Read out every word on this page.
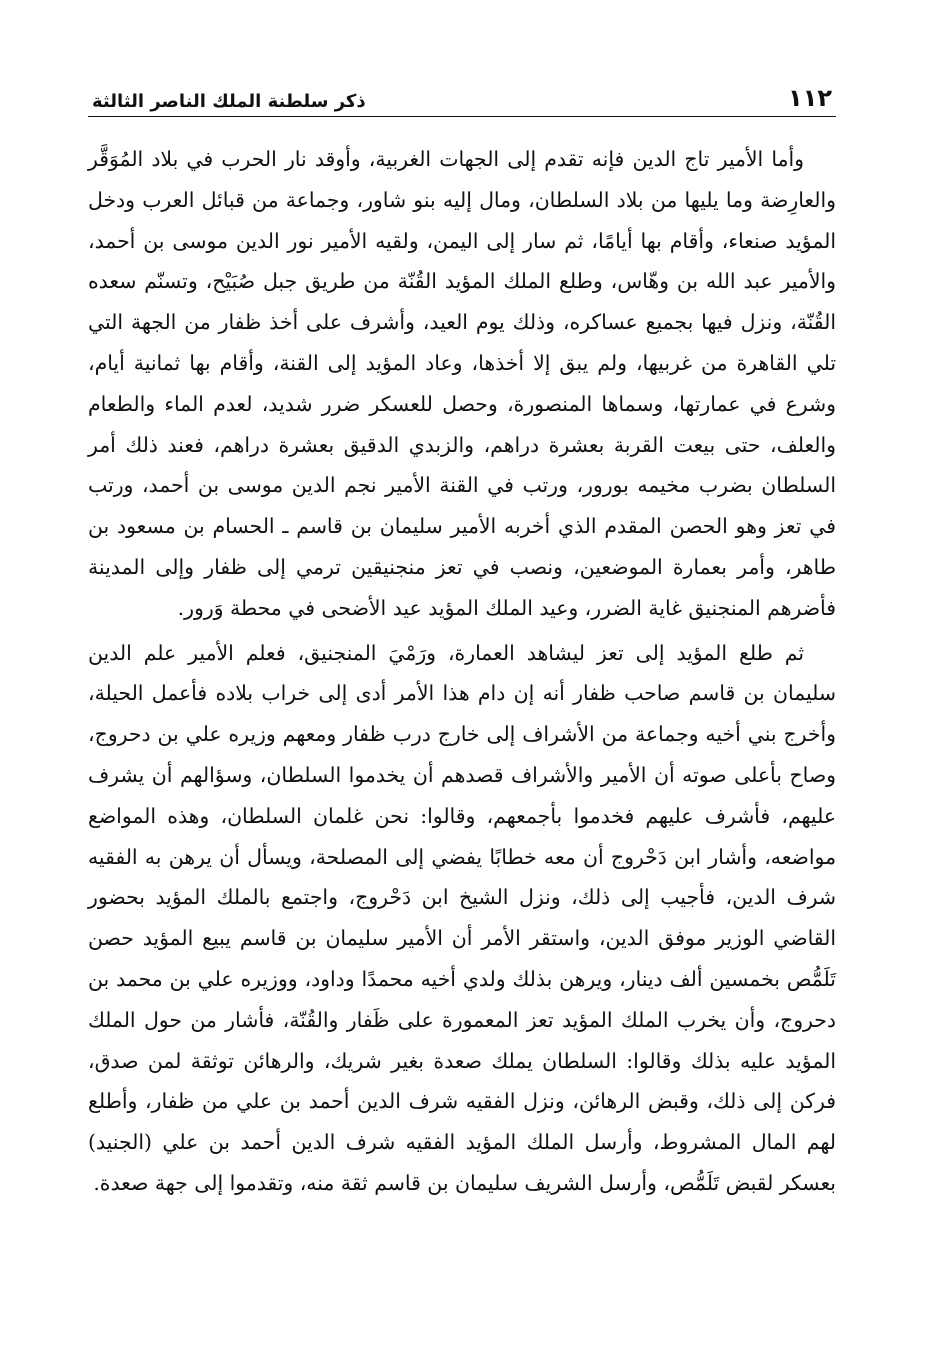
١١٢
ذكر سلطنة الملك الناصر الثالثة

وأما الأمير تاج الدين فإنه تقدم إلى الجهات الغربية، وأوقد نار الحرب في بلاد المُوَقَّر والعارِضة وما يليها من بلاد السلطان، ومال إليه بنو شاور، وجماعة من قبائل العرب ودخل المؤيد صنعاء، وأقام بها أيامًا، ثم سار إلى اليمن، ولقيه الأمير نور الدين موسى بن أحمد، والأمير عبد الله بن وهّاس، وطلع الملك المؤيد القُنّة من طريق جبل صُبَيْح، وتسنّم سعده القُنّة، ونزل فيها بجميع عساكره، وذلك يوم العيد، وأشرف على أخذ ظفار من الجهة التي تلي القاهرة من غربيها، ولم يبق إلا أخذها، وعاد المؤيد إلى القنة، وأقام بها ثمانية أيام، وشرع في عمارتها، وسماها المنصورة، وحصل للعسكر ضرر شديد، لعدم الماء والطعام والعلف، حتى بيعت القربة بعشرة دراهم، والزبدي الدقيق بعشرة دراهم، فعند ذلك أمر السلطان بضرب مخيمه بورور، ورتب في القنة الأمير نجم الدين موسى بن أحمد، ورتب في تعز وهو الحصن المقدم الذي أخربه الأمير سليمان بن قاسم ـ الحسام بن مسعود بن طاهر، وأمر بعمارة الموضعين، ونصب في تعز منجنيقين ترمي إلى ظفار وإلى المدينة فأضرهم المنجنيق غاية الضرر، وعيد الملك المؤيد عيد الأضحى في محطة وَرور.

ثم طلع المؤيد إلى تعز ليشاهد العمارة، ورَمْيَ المنجنيق، فعلم الأمير علم الدين سليمان بن قاسم صاحب ظفار أنه إن دام هذا الأمر أدى إلى خراب بلاده فأعمل الحيلة، وأخرج بني أخيه وجماعة من الأشراف إلى خارج درب ظفار ومعهم وزيره علي بن دحروج، وصاح بأعلى صوته أن الأمير والأشراف قصدهم أن يخدموا السلطان، وسؤالهم أن يشرف عليهم، فأشرف عليهم فخدموا بأجمعهم، وقالوا: نحن غلمان السلطان، وهذه المواضع مواضعه، وأشار ابن دَحْروج أن معه خطابًا يفضي إلى المصلحة، ويسأل أن يرهن به الفقيه شرف الدين، فأجيب إلى ذلك، ونزل الشيخ ابن دَحْروج، واجتمع بالملك المؤيد بحضور القاضي الوزير موفق الدين، واستقر الأمر أن الأمير سليمان بن قاسم يبيع المؤيد حصن تَلَمُّص بخمسين ألف دينار، ويرهن بذلك ولدي أخيه محمدًا وداود، ووزيره علي بن محمد بن دحروج، وأن يخرب الملك المؤيد تعز المعمورة على ظَفار والقُنّة، فأشار من حول الملك المؤيد عليه بذلك وقالوا: السلطان يملك صعدة بغير شريك، والرهائن توثقة لمن صدق، فركن إلى ذلك، وقبض الرهائن، ونزل الفقيه شرف الدين أحمد بن علي من ظفار، وأطلع لهم المال المشروط، وأرسل الملك المؤيد الفقيه شرف الدين أحمد بن علي (الجنيد) بعسكر لقبض تَلَمُّص، وأرسل الشريف سليمان بن قاسم ثقة منه، وتقدموا إلى جهة صعدة.
